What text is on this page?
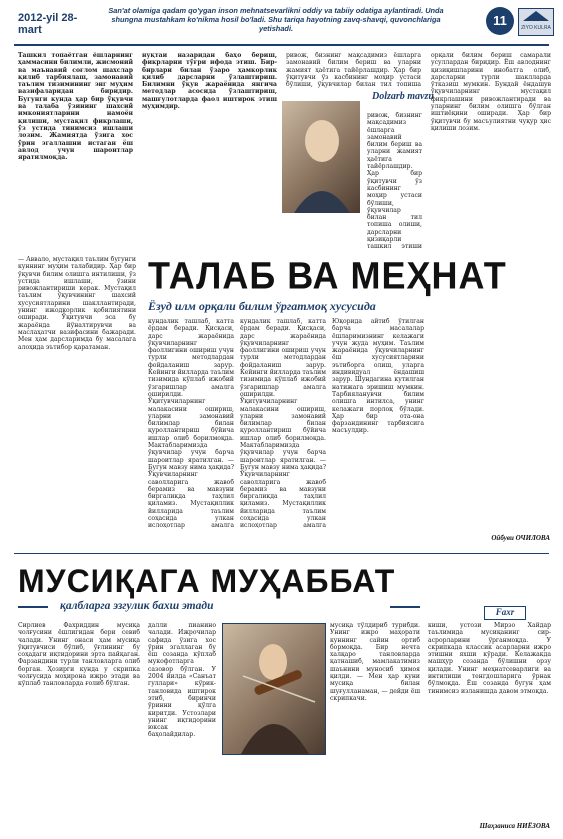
2012-yil 28-mart
San'at olamiga qadam qo'ygan inson mehnatsevarlikni oddiy va tabiiy odatiga aylantiradi. Unda shungna mustahkam ko'nikma hosil bo'ladi. Shu tariqa hayotning zavq-shavqi, quvonchlariga yetishadi.
11	ZIYO KULRA
Ташкил топаётган ёшларнинг ҳаммасини билимли, жисмоний ва маънавий соғлом шахслар қилиб тарбиялаш, замонавий таълим тизимининг энг муҳим вазифаларидан биридир. Бугунги кунда ҳар бир ўқувчи ва талаба ўзининг шахсий имкониятларини намоён қилиши, мустақил фикрлаши, ўз устида тинимсиз ишлаши лозим. Жамиятда ўзига хос ўрин эгаллашни истаган ёш авлод учун шароитлар яратилмоқда.
нуқтаи назаридан баҳо бериш, фикрларни тўғри ифода этиш. Бир-бирлари билан ўзаро ҳамкорлик қилиб дарсларни ўзлаштириш. Билимни ўқув жараёнида янгича методлар асосида ўзлаштириш, машғулотларда фаол иштирок этиш муҳимдир.
ривож, бизнинг мақсадимиз ёшларга замонавий билим бериш ва уларни жамият ҳаётига тайёрлашдир. Ҳар бир ўқитувчи ўз касбининг моҳир устаси бўлиши, ўқувчилар билан тил топиша
Dolzarb mavzu
ривож, бизнинг мақсадимиз ёшларга замонавий билим бериш ва уларни жамият ҳаётига тайёрлашдир. Ҳар бир ўқитувчи ўз касбининг моҳир устаси бўлиши, ўқувчилар билан тил топиша олиши, дарсларни қизиқарли ташкил этиши
орқали билим бериш самарали усуллардан биридир. Ёш авлоднинг қизиқишларини инобатга олиб, дарсларни турли шаклларда ўтказиш мумкин. Бундай ёндашув ўқувчиларнинг мустақил фикрлашини ривожлантиради ва уларнинг билим олишга бўлган иштиёқини оширади. Ҳар бир ўқитувчи бу масъулиятни чуқур ҳис қилиши лозим.
— Аввало, мустақил таълим бугунги куннинг муҳим талабидир. Ҳар бир ўқувчи билим олишга интилиши, ўз устида ишлаши, ўзини ривожлантириши керак. Мустақил таълим ўқувчининг шахсий хусусиятларини шакллантиради, унинг ижодкорлик қобилиятини оширади. Ўқитувчи эса бу жараёнда йўналтирувчи ва маслаҳатчи вазифасини бажаради. Мен ҳам дарсларимда бу масалага алоҳида эътибор қаратаман.
ТАЛАБ ВА МЕҲНАТ
Ёзуд илм орқали билим ўргатмоқ хусусида
кундалик ташлаб, катта ёрдам беради. Қисқаси, дарс жараёнида ўқувчиларнинг фаоллигини ошириш учун турли методлардан фойдаланиш зарур. Кейинги йилларда таълим тизимида кўплаб ижобий ўзгаришлар амалга оширилди. Ўқитувчиларнинг малакасини ошириш, уларни замонавий билимлар билан қуроллантириш бўйича ишлар олиб борилмоқда. Мактабларимизда ўқувчилар учун барча шароитлар яратилган. — Бугун мавзу нима ҳақида? Ўқувчиларнинг саволларига жавоб берамиз ва мавзуни биргаликда таҳлил қиламиз. Мустақиллик йилларида таълим соҳасида улкан ислоҳотлар амалга
кундалик ташлаб, катта ёрдам беради. Қисқаси, дарс жараёнида ўқувчиларнинг фаоллигини ошириш учун турли методлардан фойдаланиш зарур. Кейинги йилларда таълим тизимида кўплаб ижобий ўзгаришлар амалга оширилди. Ўқитувчиларнинг малакасини ошириш, уларни замонавий билимлар билан қуроллантириш бўйича ишлар олиб борилмоқда. Мактабларимизда ўқувчилар учун барча шароитлар яратилган. — Бугун мавзу нима ҳақида? Ўқувчиларнинг саволларига жавоб берамиз ва мавзуни биргаликда таҳлил қиламиз. Мустақиллик йилларида таълим соҳасида улкан ислоҳотлар амалга
Юқорида айтиб ўтилган барча масалалар ёшларимизнинг келажаги учун жуда муҳим. Таълим жараёнида ўқувчиларнинг ёш хусусиятларини эътиборга олиш, уларга индивидуал ёндашиш зарур. Шундагина кутилган натижага эришиш мумкин. Тарбияланувчи билим олишга интилса, унинг келажаги порлоқ бўлади. Ҳар бир ота-она фарзандининг тарбиясига масъулдир.
Ойбуви ОЧИЛОВА
МУСИҚАГА МУҲАББАТ
қалбларга эзгулик бахш этади
Сирлиев Фахриддин мусиқа чолғусини ёшлигидан бери севиб чалади. Унинг онаси ҳам мусиқа ўқитувчиси бўлиб, ўғлининг бу соҳадаги иқтидорини эрта пайқаган. Фарзандини турли танловларга олиб борган. Ҳозирги кунда у скрипка чолғусида моҳирона ижро этади ва кўплаб танловларда ғолиб бўлган.
далли пианино чалади. Ижрочилар сафида ўзига хос ўрин эгаллаган бу ёш созанда кўплаб мукофотларга сазовор бўлган. У 2004 йилда «Санъат гуллари» кўрик-танловида иштирок этиб, биринчи ўринни қўлга киритди. Устозлари унинг иқтидорини юксак баҳолайдилар.
мусиқа тўлдириб турибди. Унинг ижро маҳорати куннинг сайин ортиб бормоқда. Бир нечта халқаро танловларда қатнашиб, мамлакатимиз шаънини муносиб ҳимоя қилди. — Мен ҳар куни мусиқа билан шуғулланаман, — дейди ёш скрипкачи.
Faxr
киши, устози Мирзо Хайдар таълимида мусиқанинг сир-асрорларини ўрганмоқда. У скрипкада классик асарларни ижро этишни яхши кўради. Келажакда машҳур созанда бўлишни орзу қилади. Унинг меҳнатсеварлиги ва интилиши тенгдошларига ўрнак бўлмоқда. Ёш созанда бугун ҳам тинимсиз изланишда давом этмоқда.
Шаҳзаниса НИЁЗОВА
